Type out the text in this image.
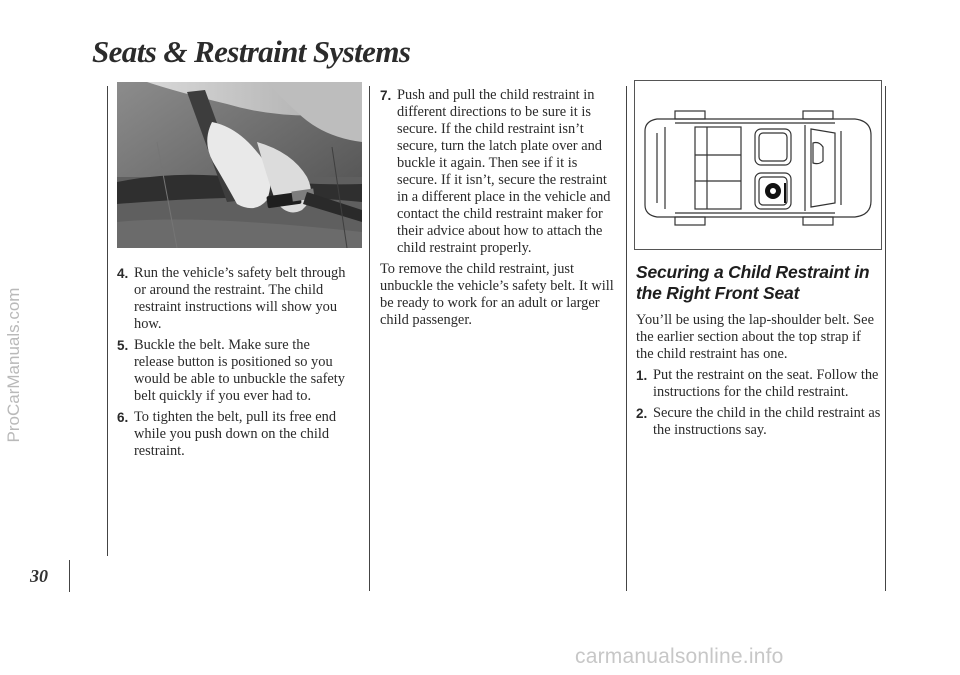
ProCarManuals.com
carmanualsonline.info
Seats & Restraint Systems
30
4. Run the vehicle’s safety belt through or around the restraint. The child restraint instructions will show you how.
5. Buckle the belt. Make sure the release button is positioned so you would be able to unbuckle the safety belt quickly if you ever had to.
6. To tighten the belt, pull its free end while you push down on the child restraint.
7. Push and pull the child restraint in different directions to be sure it is secure. If the child restraint isn’t secure, turn the latch plate over and buckle it again. Then see if it is secure. If it isn’t, secure the restraint in a different place in the vehicle and contact the child restraint maker for their advice about how to attach the child restraint properly.

To remove the child restraint, just unbuckle the vehicle’s safety belt. It will be ready to work for an adult or larger child passenger.

Securing a Child Restraint in the Right Front Seat

You’ll be using the lap-shoulder belt. See the earlier section about the top strap if the child restraint has one.

1. Put the restraint on the seat. Follow the instructions for the child restraint.
2. Secure the child in the child restraint as the instructions say.
